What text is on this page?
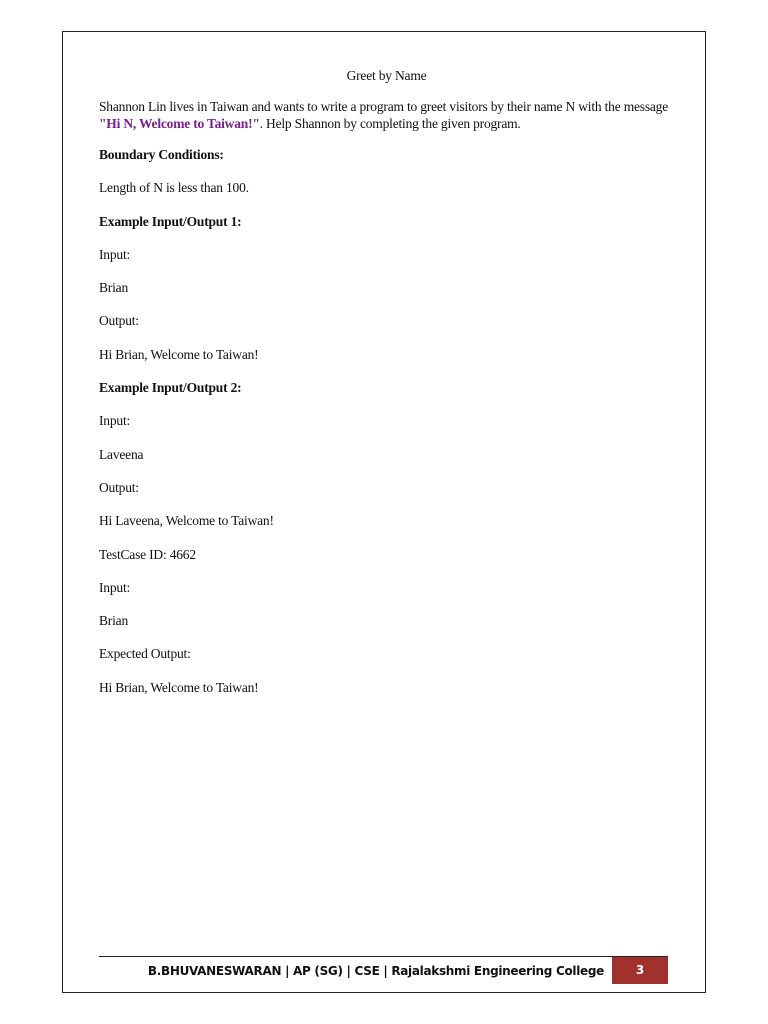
Greet by Name
Shannon Lin lives in Taiwan and wants to write a program to greet visitors by their name N with the message "Hi N, Welcome to Taiwan!". Help Shannon by completing the given program.
Boundary Conditions:
Length of N is less than 100.
Example Input/Output 1:
Input:
Brian
Output:
Hi Brian, Welcome to Taiwan!
Example Input/Output 2:
Input:
Laveena
Output:
Hi Laveena, Welcome to Taiwan!
TestCase ID: 4662
Input:
Brian
Expected Output:
Hi Brian, Welcome to Taiwan!
B.BHUVANESWARAN | AP (SG) | CSE | Rajalakshmi Engineering College	3
